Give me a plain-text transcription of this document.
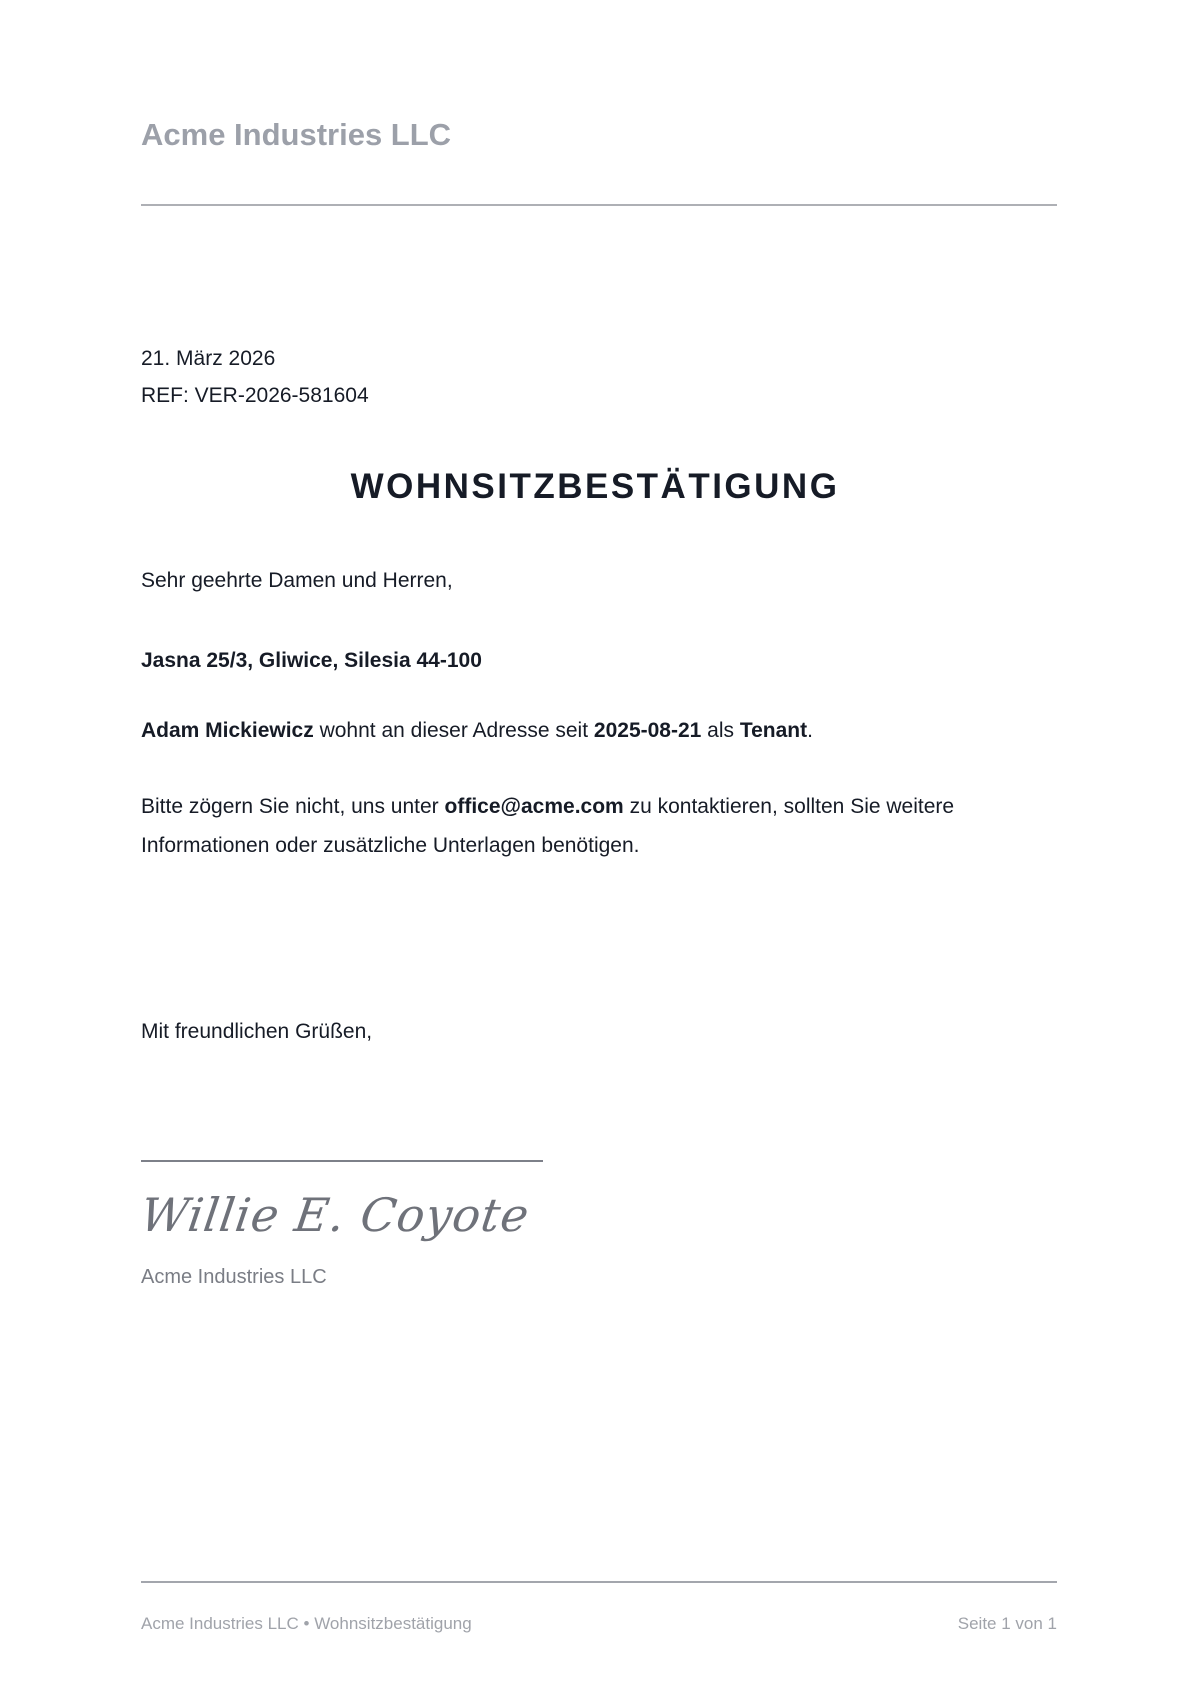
Acme Industries LLC
21. März 2026
REF: VER-2026-581604
WOHNSITZBESTÄTIGUNG
Sehr geehrte Damen und Herren,
Jasna 25/3, Gliwice, Silesia 44-100
Adam Mickiewicz wohnt an dieser Adresse seit 2025-08-21 als Tenant.
Bitte zögern Sie nicht, uns unter office@acme.com zu kontaktieren, sollten Sie weitere Informationen oder zusätzliche Unterlagen benötigen.
Mit freundlichen Grüßen,
Willie E. Coyote
Acme Industries LLC
Acme Industries LLC • Wohnsitzbestätigung	Seite 1 von 1
